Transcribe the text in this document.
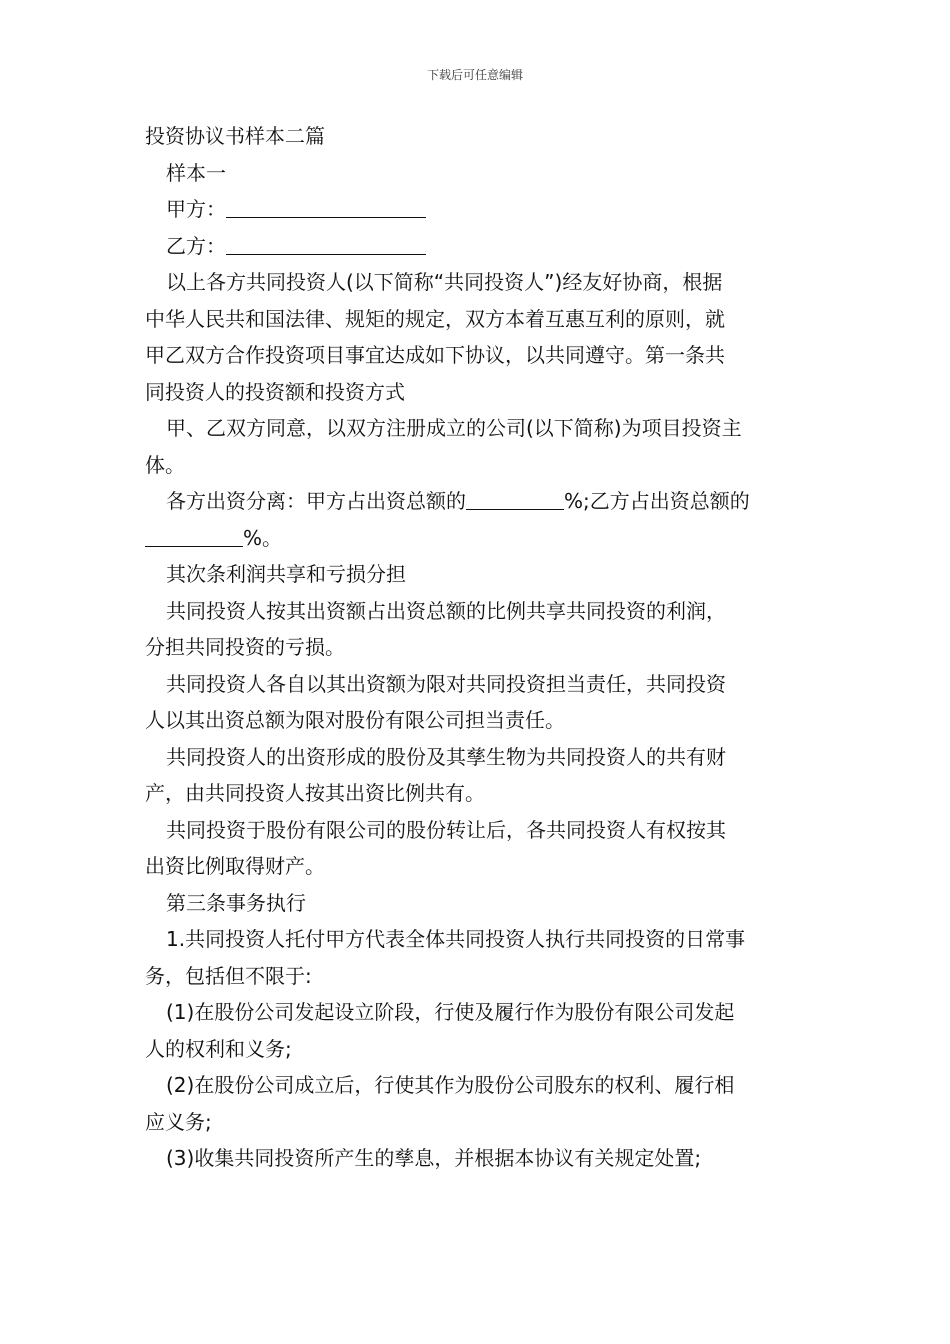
下载后可任意编辑
投资协议书样本二篇
样本一
甲方：
乙方：
以上各方共同投资人(以下简称“共同投资人”)经友好协商，根据
中华人民共和国法律、规矩的规定，双方本着互惠互利的原则，就
甲乙双方合作投资项目事宜达成如下协议，以共同遵守。第一条共
同投资人的投资额和投资方式
甲、乙双方同意，以双方注册成立的公司(以下简称)为项目投资主
体。
各方出资分离：甲方占出资总额的	%;乙方占出资总额的
%。
其次条利润共享和亏损分担
共同投资人按其出资额占出资总额的比例共享共同投资的利润，
分担共同投资的亏损。
共同投资人各自以其出资额为限对共同投资担当责任，共同投资
人以其出资总额为限对股份有限公司担当责任。
共同投资人的出资形成的股份及其孳生物为共同投资人的共有财
产，由共同投资人按其出资比例共有。
共同投资于股份有限公司的股份转让后，各共同投资人有权按其
出资比例取得财产。
第三条事务执行
1.共同投资人托付甲方代表全体共同投资人执行共同投资的日常事
务，包括但不限于:
(1)在股份公司发起设立阶段，行使及履行作为股份有限公司发起
人的权利和义务;
(2)在股份公司成立后，行使其作为股份公司股东的权利、履行相
应义务;
(3)收集共同投资所产生的孳息，并根据本协议有关规定处置;
